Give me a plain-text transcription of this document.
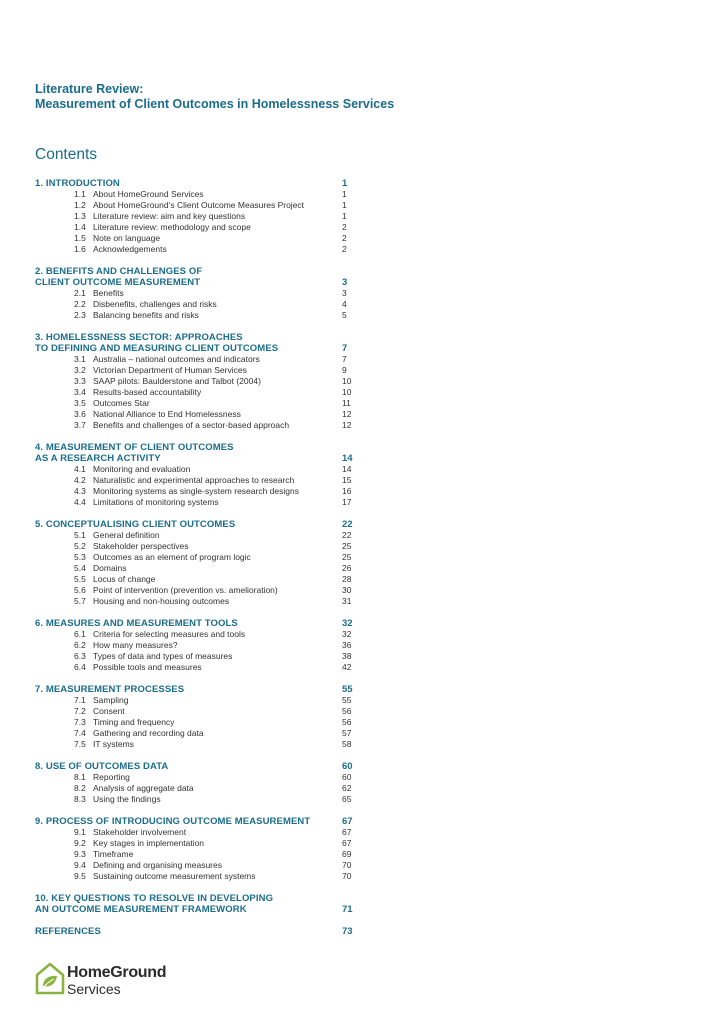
Literature Review:
Measurement of Client Outcomes in Homelessness Services
Contents
1. INTRODUCTION	1
1.1 About HomeGround Services	1
1.2 About HomeGround’s Client Outcome Measures Project	1
1.3 Literature review: aim and key questions	1
1.4 Literature review: methodology and scope	2
1.5 Note on language	2
1.6 Acknowledgements	2
2. BENEFITS AND CHALLENGES OF
CLIENT OUTCOME MEASUREMENT	3
2.1 Benefits	3
2.2 Disbenefits, challenges and risks	4
2.3 Balancing benefits and risks	5
3. HOMELESSNESS SECTOR: APPROACHES
TO DEFINING AND MEASURING CLIENT OUTCOMES	7
3.1 Australia – national outcomes and indicators	7
3.2 Victorian Department of Human Services	9
3.3 SAAP pilots: Baulderstone and Talbot (2004)	10
3.4 Results-based accountability	10
3.5 Outcomes Star	11
3.6 National Alliance to End Homelessness	12
3.7 Benefits and challenges of a sector-based approach	12
4. MEASUREMENT OF CLIENT OUTCOMES
AS A RESEARCH ACTIVITY	14
4.1 Monitoring and evaluation	14
4.2 Naturalistic and experimental approaches to research	15
4.3 Monitoring systems as single-system research designs	16
4.4 Limitations of monitoring systems	17
5. CONCEPTUALISING CLIENT OUTCOMES	22
5.1 General definition	22
5.2 Stakeholder perspectives	25
5.3 Outcomes as an element of program logic	25
5.4 Domains	26
5.5 Locus of change	28
5.6 Point of intervention (prevention vs. amelioration)	30
5.7 Housing and non-housing outcomes	31
6. MEASURES AND MEASUREMENT TOOLS	32
6.1 Criteria for selecting measures and tools	32
6.2 How many measures?	36
6.3 Types of data and types of measures	38
6.4 Possible tools and measures	42
7. MEASUREMENT PROCESSES	55
7.1 Sampling	55
7.2 Consent	56
7.3 Timing and frequency	56
7.4 Gathering and recording data	57
7.5 IT systems	58
8. USE OF OUTCOMES DATA	60
8.1 Reporting	60
8.2 Analysis of aggregate data	62
8.3 Using the findings	65
9. PROCESS OF INTRODUCING OUTCOME MEASUREMENT	67
9.1 Stakeholder involvement	67
9.2 Key stages in implementation	67
9.3 Timeframe	69
9.4 Defining and organising measures	70
9.5 Sustaining outcome measurement systems	70
10. KEY QUESTIONS TO RESOLVE IN DEVELOPING
AN OUTCOME MEASUREMENT FRAMEWORK	71
REFERENCES	73
HomeGround
Services
